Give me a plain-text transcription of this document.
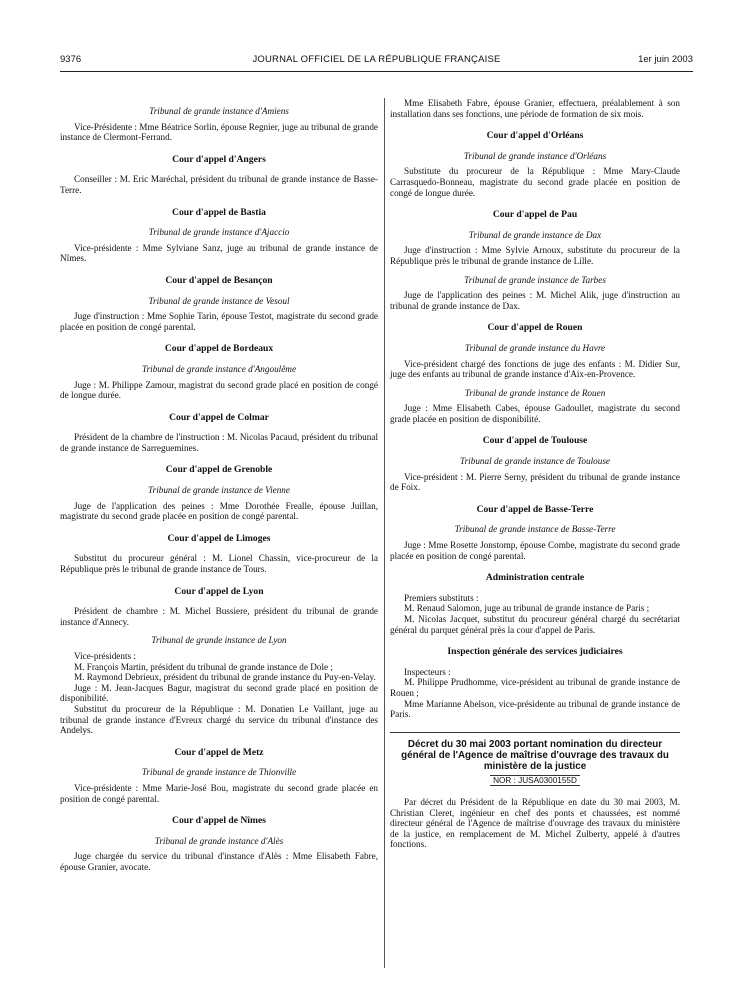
9376	JOURNAL OFFICIEL DE LA RÉPUBLIQUE FRANÇAISE	1er juin 2003
Tribunal de grande instance d'Amiens

Vice-Présidente : Mme Béatrice Sorlin, épouse Regnier, juge au tribunal de grande instance de Clermont-Ferrand.

Cour d'appel d'Angers

Conseiller : M. Eric Maréchal, président du tribunal de grande instance de Basse-Terre.

Cour d'appel de Bastia
Tribunal de grande instance d'Ajaccio

Vice-présidente : Mme Sylviane Sanz, juge au tribunal de grande instance de Nîmes.

Cour d'appel de Besançon
Tribunal de grande instance de Vesoul

Juge d'instruction : Mme Sophie Tarin, épouse Testot, magistrate du second grade placée en position de congé parental.

Cour d'appel de Bordeaux
Tribunal de grande instance d'Angoulême

Juge : M. Philippe Zamour, magistrat du second grade placé en position de congé de longue durée.

Cour d'appel de Colmar

Président de la chambre de l'instruction : M. Nicolas Pacaud, président du tribunal de grande instance de Sarreguemines.

Cour d'appel de Grenoble
Tribunal de grande instance de Vienne

Juge de l'application des peines : Mme Dorothée Frealle, épouse Juillan, magistrate du second grade placée en position de congé parental.

Cour d'appel de Limoges

Substitut du procureur général : M. Lionel Chassin, vice-procureur de la République près le tribunal de grande instance de Tours.

Cour d'appel de Lyon

Président de chambre : M. Michel Bussiere, président du tribunal de grande instance d'Annecy.

Tribunal de grande instance de Lyon

Vice-présidents :

M. François Martin, président du tribunal de grande instance de Dole ;

M. Raymond Debrieux, président du tribunal de grande instance du Puy-en-Velay.

Juge : M. Jean-Jacques Bagur, magistrat du second grade placé en position de disponibilité.

Substitut du procureur de la République : M. Donatien Le Vaillant, juge au tribunal de grande instance d'Evreux chargé du service du tribunal d'instance des Andelys.

Cour d'appel de Metz
Tribunal de grande instance de Thionville

Vice-présidente : Mme Marie-José Bou, magistrate du second grade placée en position de congé parental.

Cour d'appel de Nîmes
Tribunal de grande instance d'Alès

Juge chargée du service du tribunal d'instance d'Alès : Mme Elisabeth Fabre, épouse Granier, avocate.

Mme Elisabeth Fabre, épouse Granier, effectuera, préalablement à son installation dans ses fonctions, une période de formation de six mois.

Cour d'appel d'Orléans
Tribunal de grande instance d'Orléans

Substitute du procureur de la République : Mme Mary-Claude Carrasquedo-Bonneau, magistrate du second grade placée en position de congé de longue durée.

Cour d'appel de Pau
Tribunal de grande instance de Dax

Juge d'instruction : Mme Sylvie Arnoux, substitute du procureur de la République près le tribunal de grande instance de Lille.

Tribunal de grande instance de Tarbes

Juge de l'application des peines : M. Michel Alik, juge d'instruction au tribunal de grande instance de Dax.

Cour d'appel de Rouen
Tribunal de grande instance du Havre

Vice-président chargé des fonctions de juge des enfants : M. Didier Sur, juge des enfants au tribunal de grande instance d'Aix-en-Provence.

Tribunal de grande instance de Rouen

Juge : Mme Elisabeth Cabes, épouse Gadoullet, magistrate du second grade placée en position de disponibilité.

Cour d'appel de Toulouse
Tribunal de grande instance de Toulouse

Vice-président : M. Pierre Serny, président du tribunal de grande instance de Foix.

Cour d'appel de Basse-Terre
Tribunal de grande instance de Basse-Terre

Juge : Mme Rosette Jonstomp, épouse Combe, magistrate du second grade placée en position de congé parental.

Administration centrale

Premiers substituts :

M. Renaud Salomon, juge au tribunal de grande instance de Paris ;

M. Nicolas Jacquet, substitut du procureur général chargé du secrétariat général du parquet général près la cour d'appel de Paris.

Inspection générale des services judiciaires

Inspecteurs :

M. Philippe Prudhomme, vice-président au tribunal de grande instance de Rouen ;

Mme Marianne Abelson, vice-présidente au tribunal de grande instance de Paris.

Décret du 30 mai 2003 portant nomination du directeur général de l'Agence de maîtrise d'ouvrage des travaux du ministère de la justice
NOR : JUSA0300155D

Par décret du Président de la République en date du 30 mai 2003, M. Christian Cleret, ingénieur en chef des ponts et chaussées, est nommé directeur général de l'Agence de maîtrise d'ouvrage des travaux du ministère de la justice, en remplacement de M. Michel Zulberty, appelé à d'autres fonctions.
